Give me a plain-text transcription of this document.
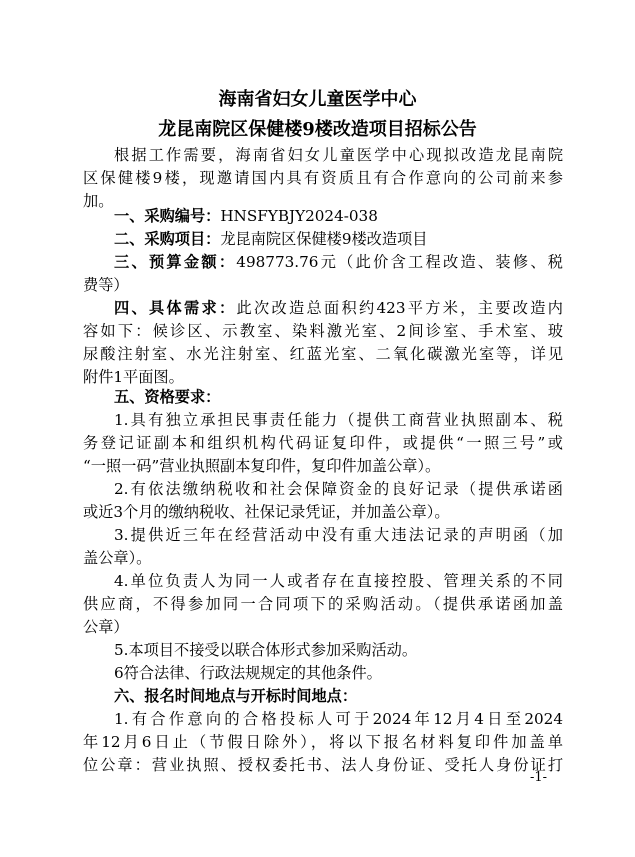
海南省妇女儿童医学中心
龙昆南院区保健楼9楼改造项目招标公告

根据工作需要，海南省妇女儿童医学中心现拟改造龙昆南院

区保健楼9楼，现邀请国内具有资质且有合作意向的公司前来参

加。

一、采购编号：HNSFYBJY2024-038

二、采购项目：龙昆南院区保健楼9楼改造项目

三、预算金额：498773.76元（此价含工程改造、装修、税

费等）

四、具体需求：此次改造总面积约423平方米，主要改造内

容如下：候诊区、示教室、染料激光室、2间诊室、手术室、玻

尿酸注射室、水光注射室、红蓝光室、二氧化碳激光室等，详见

附件1平面图。

五、资格要求：

1.具有独立承担民事责任能力（提供工商营业执照副本、税

务登记证副本和组织机构代码证复印件，或提供“一照三号”或

“一照一码”营业执照副本复印件，复印件加盖公章）。

2.有依法缴纳税收和社会保障资金的良好记录（提供承诺函

或近3个月的缴纳税收、社保记录凭证，并加盖公章）。

3.提供近三年在经营活动中没有重大违法记录的声明函（加

盖公章）。

4.单位负责人为同一人或者存在直接控股、管理关系的不同

供应商，不得参加同一合同项下的采购活动。（提供承诺函加盖

公章）

5.本项目不接受以联合体形式参加采购活动。

6符合法律、行政法规规定的其他条件。

六、报名时间地点与开标时间地点：

1.有合作意向的合格投标人可于2024年12月4日至2024

年12月6日止（节假日除外），将以下报名材料复印件加盖单

位公章：营业执照、授权委托书、法人身份证、受托人身份证打

-1-
